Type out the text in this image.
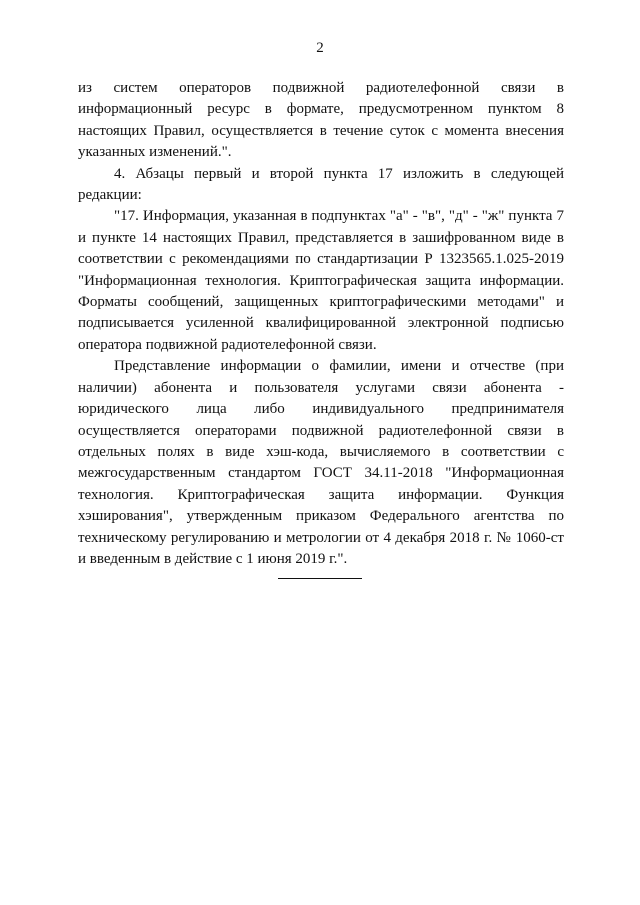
2

из систем операторов подвижной радиотелефонной связи в информационный ресурс в формате, предусмотренном пунктом 8 настоящих Правил, осуществляется в течение суток с момента внесения указанных изменений.".

4. Абзацы первый и второй пункта 17 изложить в следующей редакции:

"17. Информация, указанная в подпунктах "а" - "в", "д" - "ж" пункта 7 и пункте 14 настоящих Правил, представляется в зашифрованном виде в соответствии с рекомендациями по стандартизации Р 1323565.1.025-2019 "Информационная технология. Криптографическая защита информации. Форматы сообщений, защищенных криптографическими методами" и подписывается усиленной квалифицированной электронной подписью оператора подвижной радиотелефонной связи.

Представление информации о фамилии, имени и отчестве (при наличии) абонента и пользователя услугами связи абонента - юридического лица либо индивидуального предпринимателя осуществляется операторами подвижной радиотелефонной связи в отдельных полях в виде хэш-кода, вычисляемого в соответствии с межгосударственным стандартом ГОСТ 34.11-2018 "Информационная технология. Криптографическая защита информации. Функция хэширования", утвержденным приказом Федерального агентства по техническому регулированию и метрологии от 4 декабря 2018 г. № 1060-ст и введенным в действие с 1 июня 2019 г.".
